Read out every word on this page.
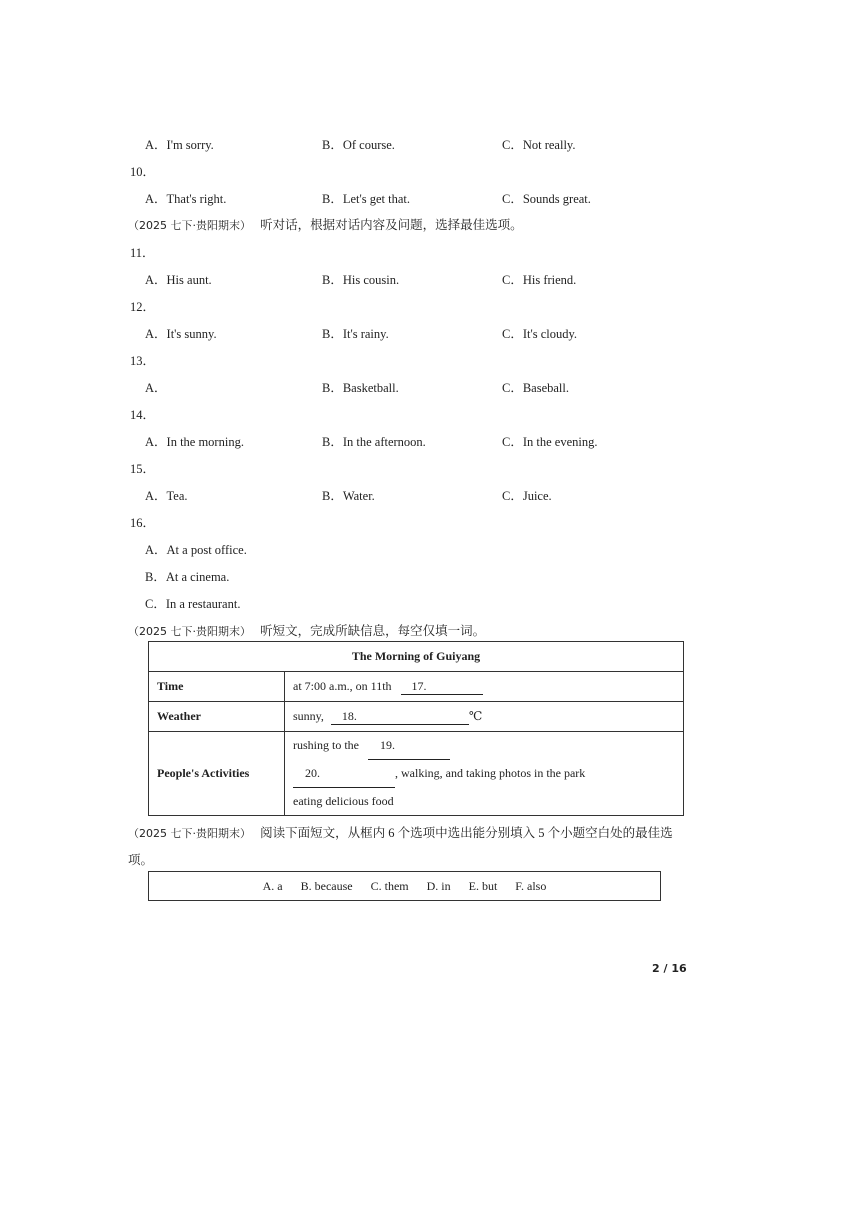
A．I'm sorry.	B．Of course.	C．Not really.
10．
A．That's right.	B．Let's get that.	C．Sounds great.
（2025 七下·贵阳期末） 听对话，根据对话内容及问题，选择最佳选项。
11．
A．His aunt.	B．His cousin.	C．His friend.
12．
A．It's sunny.	B．It's rainy.	C．It's cloudy.
13．
A．	B．Basketball.	C．Baseball.
14．
A．In the morning.	B．In the afternoon.	C．In the evening.
15．
A．Tea.	B．Water.	C．Juice.
16．
A．At a post office.
B．At a cinema.
C．In a restaurant.
（2025 七下·贵阳期末） 听短文，完成所缺信息，每空仅填一词。
The Morning of Guiyang	
Time	at 7:00 a.m., on 11th 17.
Weather	sunny, 18. ℃
People's Activities	rushing to the 19.
20. , walking, and taking photos in the park
eating delicious food
（2025 七下·贵阳期末） 阅读下面短文，从框内 6 个选项中选出能分别填入 5 个小题空白处的最佳选
项。
A. a B. because C. them D. in E. but F. also
2 / 16
